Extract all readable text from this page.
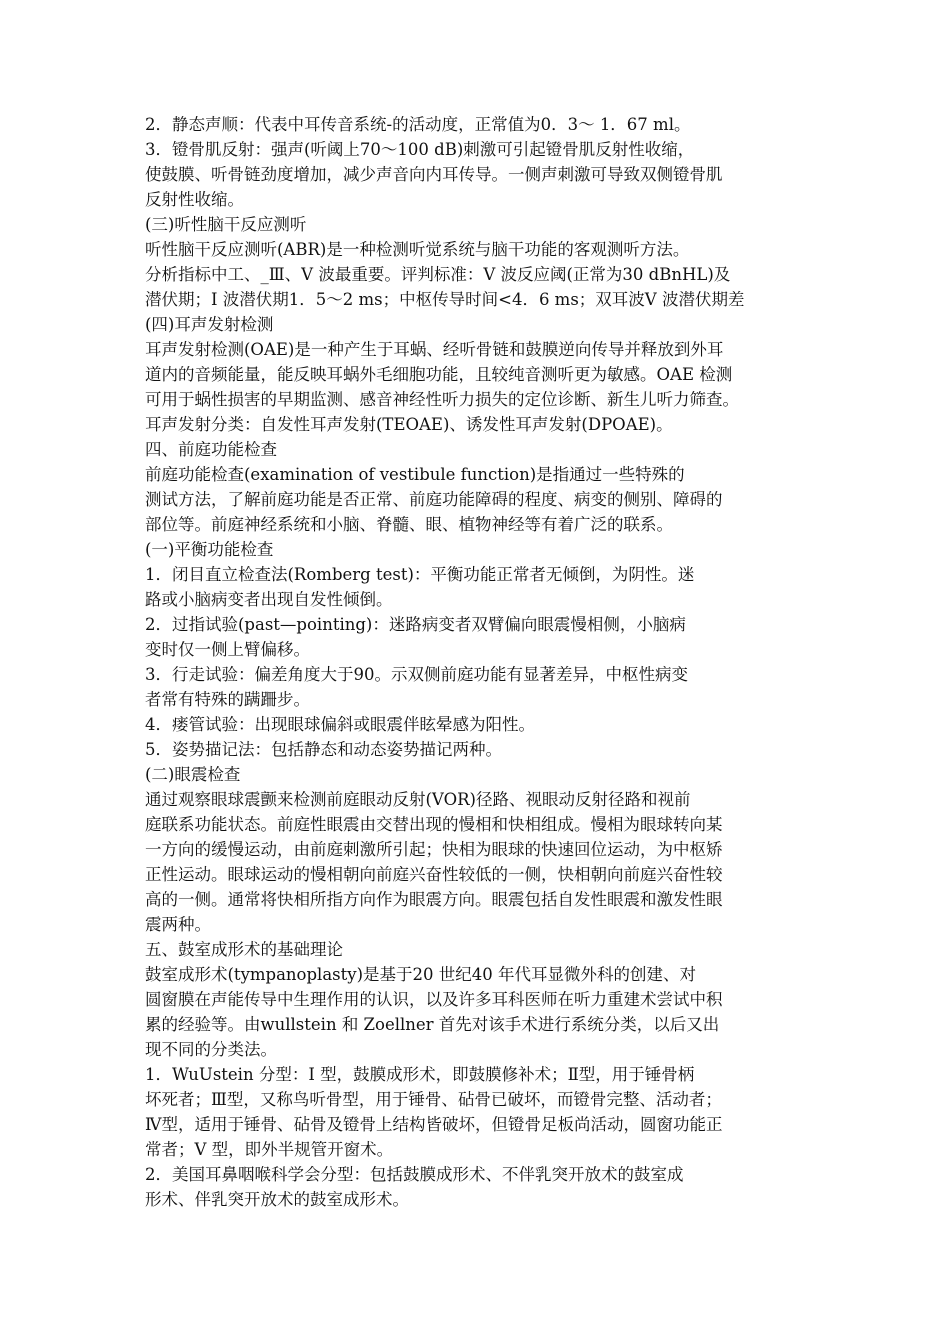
2．静态声顺：代表中耳传音系统-的活动度，正常值为0．3～ 1．67 ml。
3．镫骨肌反射：强声(听阈上70～100 dB)刺激可引起镫骨肌反射性收缩，
使鼓膜、听骨链劲度增加，减少声音向内耳传导。一侧声刺激可导致双侧镫骨肌
反射性收缩。
(三)听性脑干反应测听
听性脑干反应测听(ABR)是一种检测听觉系统与脑干功能的客观测听方法。
分析指标中工、_Ⅲ、V 波最重要。评判标准：V 波反应阈(正常为30 dBnHL)及
潜伏期；I 波潜伏期1．5～2 ms；中枢传导时间<4．6 ms；双耳波V 波潜伏期差
(四)耳声发射检测
耳声发射检测(OAE)是一种产生于耳蜗、经听骨链和鼓膜逆向传导并释放到外耳
道内的音频能量，能反映耳蜗外毛细胞功能，且较纯音测听更为敏感。OAE 检测
可用于蜗性损害的早期监测、感音神经性听力损失的定位诊断、新生儿听力筛查。
耳声发射分类：自发性耳声发射(TEOAE)、诱发性耳声发射(DPOAE)。
四、前庭功能检查
前庭功能检查(examination of vestibule function)是指通过一些特殊的
测试方法，了解前庭功能是否正常、前庭功能障碍的程度、病变的侧别、障碍的
部位等。前庭神经系统和小脑、脊髓、眼、植物神经等有着广泛的联系。
(一)平衡功能检查
1．闭目直立检查法(Romberg test)：平衡功能正常者无倾倒，为阴性。迷
路或小脑病变者出现自发性倾倒。
2．过指试验(past—pointing)：迷路病变者双臂偏向眼震慢相侧，小脑病
变时仅一侧上臂偏移。
3．行走试验：偏差角度大于90。示双侧前庭功能有显著差异，中枢性病变
者常有特殊的蹒跚步。
4．瘘管试验：出现眼球偏斜或眼震伴眩晕感为阳性。
5．姿势描记法：包括静态和动态姿势描记两种。
(二)眼震检查
通过观察眼球震颤来检测前庭眼动反射(VOR)径路、视眼动反射径路和视前
庭联系功能状态。前庭性眼震由交替出现的慢相和快相组成。慢相为眼球转向某
一方向的缓慢运动，由前庭刺激所引起；快相为眼球的快速回位运动，为中枢矫
正性运动。眼球运动的慢相朝向前庭兴奋性较低的一侧，快相朝向前庭兴奋性较
高的一侧。通常将快相所指方向作为眼震方向。眼震包括自发性眼震和激发性眼
震两种。
五、鼓室成形术的基础理论
鼓室成形术(tympanoplasty)是基于20 世纪40 年代耳显微外科的创建、对
圆窗膜在声能传导中生理作用的认识，以及许多耳科医师在听力重建术尝试中积
累的经验等。由wullstein 和 Zoellner 首先对该手术进行系统分类，以后又出
现不同的分类法。
1．WuUstein 分型：I 型，鼓膜成形术，即鼓膜修补术；Ⅱ型，用于锤骨柄
坏死者；Ⅲ型，又称鸟听骨型，用于锤骨、砧骨已破坏，而镫骨完整、活动者；
Ⅳ型，适用于锤骨、砧骨及镫骨上结构皆破坏，但镫骨足板尚活动，圆窗功能正
常者；V 型，即外半规管开窗术。
2．美国耳鼻咽喉科学会分型：包括鼓膜成形术、不伴乳突开放术的鼓室成
形术、伴乳突开放术的鼓室成形术。
